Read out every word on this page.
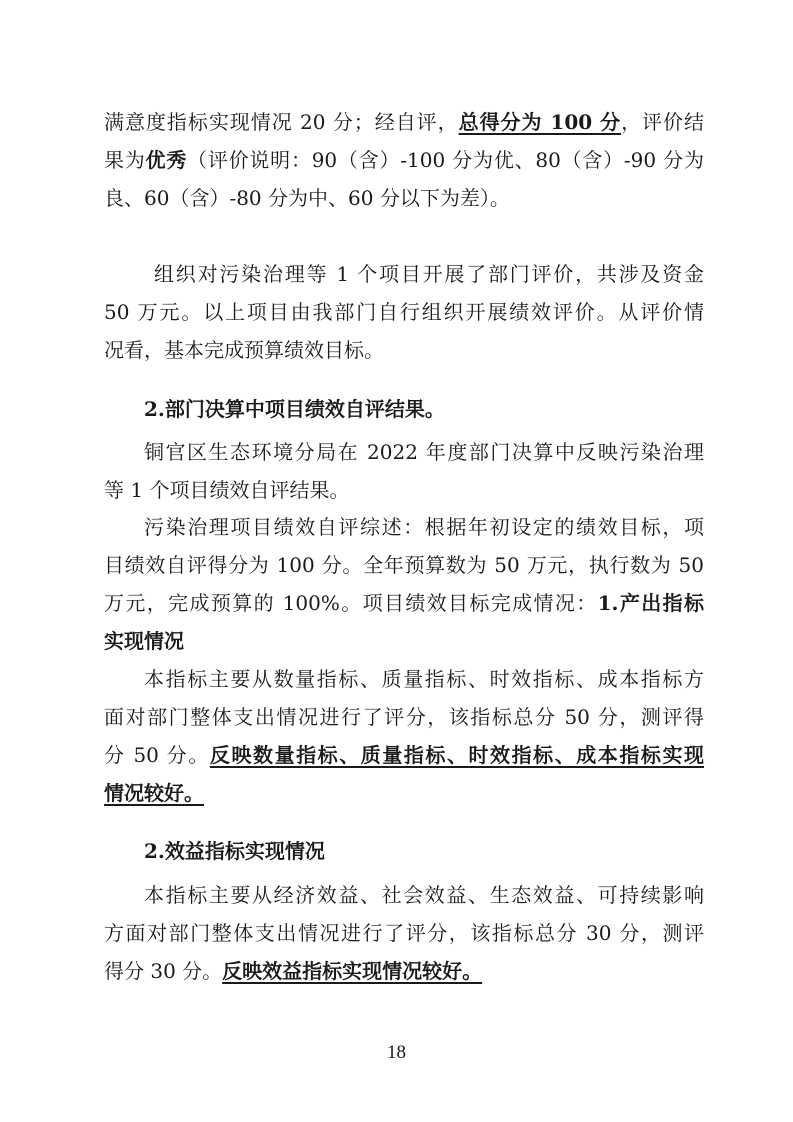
满意度指标实现情况 20 分；经自评，总得分为 100 分，评价结
果为优秀（评价说明：90（含）-100 分为优、80（含）-90 分为
良、60（含）-80 分为中、60 分以下为差）。
组织对污染治理等 1 个项目开展了部门评价，共涉及资金
50 万元。以上项目由我部门自行组织开展绩效评价。从评价情
况看，基本完成预算绩效目标。
2.部门决算中项目绩效自评结果。
铜官区生态环境分局在 2022 年度部门决算中反映污染治理
等 1 个项目绩效自评结果。
污染治理项目绩效自评综述：根据年初设定的绩效目标，项
目绩效自评得分为 100 分。全年预算数为 50 万元，执行数为 50
万元，完成预算的 100%。项目绩效目标完成情况：1.产出指标
实现情况
本指标主要从数量指标、质量指标、时效指标、成本指标方
面对部门整体支出情况进行了评分，该指标总分 50 分，测评得
分 50 分。反映数量指标、质量指标、时效指标、成本指标实现
情况较好。
2.效益指标实现情况
本指标主要从经济效益、社会效益、生态效益、可持续影响
方面对部门整体支出情况进行了评分，该指标总分 30 分，测评
得分 30 分。反映效益指标实现情况较好。
18
